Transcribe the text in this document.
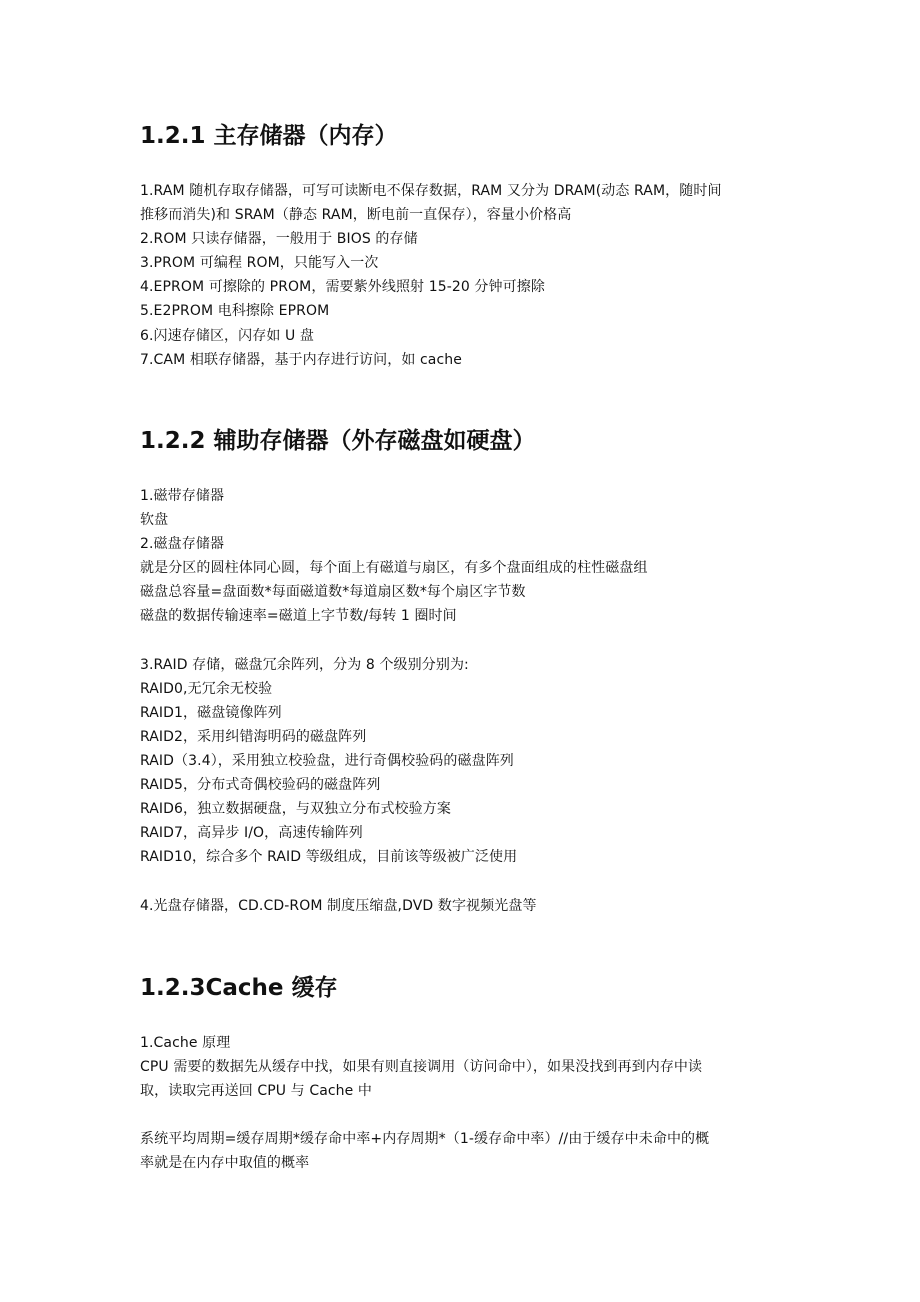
1.2.1 主存储器（内存）
1.RAM 随机存取存储器，可写可读断电不保存数据，RAM 又分为 DRAM(动态 RAM，随时间
推移而消失)和 SRAM（静态 RAM，断电前一直保存），容量小价格高
2.ROM 只读存储器，一般用于 BIOS 的存储
3.PROM 可编程 ROM，只能写入一次
4.EPROM 可擦除的 PROM，需要紫外线照射 15-20 分钟可擦除
5.E2PROM 电科擦除 EPROM
6.闪速存储区，闪存如 U 盘
7.CAM 相联存储器，基于内存进行访问，如 cache
1.2.2 辅助存储器（外存磁盘如硬盘）
1.磁带存储器
软盘
2.磁盘存储器
就是分区的圆柱体同心圆，每个面上有磁道与扇区，有多个盘面组成的柱性磁盘组
磁盘总容量=盘面数*每面磁道数*每道扇区数*每个扇区字节数
磁盘的数据传输速率=磁道上字节数/每转 1 圈时间
3.RAID 存储，磁盘冗余阵列，分为 8 个级别分别为:
RAID0,无冗余无校验
RAID1，磁盘镜像阵列
RAID2，采用纠错海明码的磁盘阵列
RAID（3.4），采用独立校验盘，进行奇偶校验码的磁盘阵列
RAID5，分布式奇偶校验码的磁盘阵列
RAID6，独立数据硬盘，与双独立分布式校验方案
RAID7，高异步 I/O，高速传输阵列
RAID10，综合多个 RAID 等级组成，目前该等级被广泛使用
4.光盘存储器，CD.CD-ROM 制度压缩盘,DVD 数字视频光盘等
1.2.3Cache 缓存
1.Cache 原理
CPU 需要的数据先从缓存中找，如果有则直接调用（访问命中），如果没找到再到内存中读
取，读取完再送回 CPU 与 Cache 中
系统平均周期=缓存周期*缓存命中率+内存周期*（1-缓存命中率）//由于缓存中未命中的概
率就是在内存中取值的概率
